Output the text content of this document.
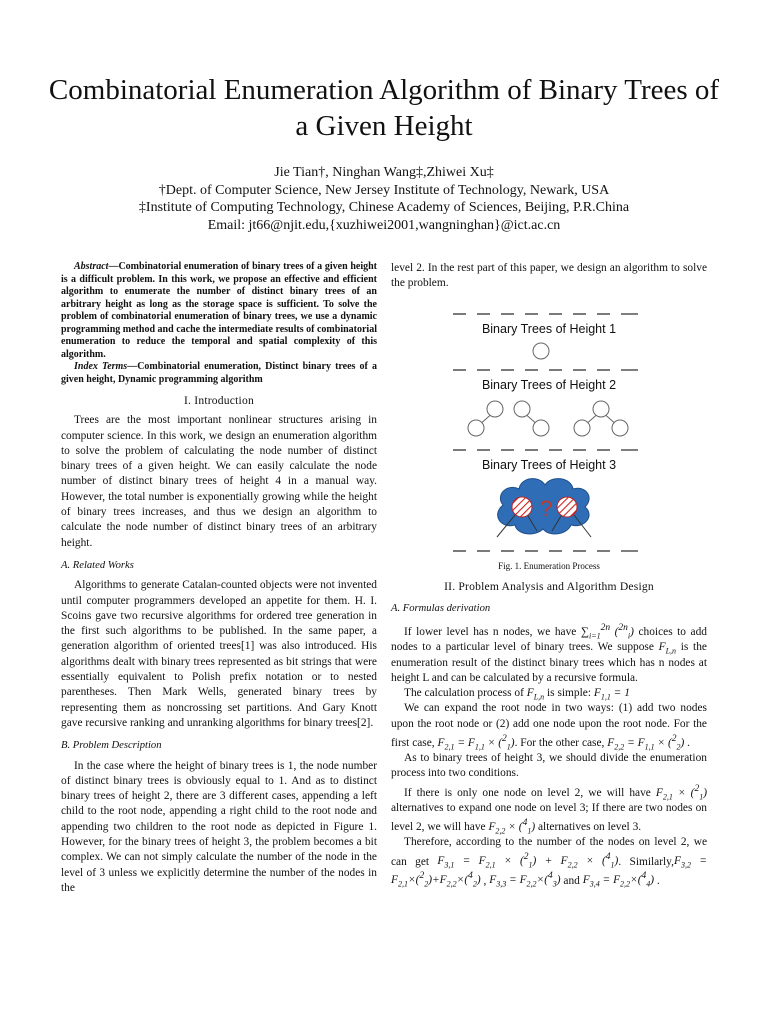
Combinatorial Enumeration Algorithm of Binary Trees of a Given Height
Jie Tian†, Ninghan Wang‡,Zhiwei Xu‡
†Dept. of Computer Science, New Jersey Institute of Technology, Newark, USA
‡Institute of Computing Technology, Chinese Academy of Sciences, Beijing, P.R.China
Email: jt66@njit.edu,{xuzhiwei2001,wangninghan}@ict.ac.cn

Abstract—Combinatorial enumeration of binary trees of a given height is a difficult problem. In this work, we propose an effective and efficient algorithm to enumerate the number of distinct binary trees of an arbitrary height as long as the storage space is sufficient. To solve the problem of combinatorial enumeration of binary trees, we use a dynamic programming method and cache the intermediate results of combinatorial enumeration to reduce the temporal and spatial complexity of this algorithm.

Index Terms—Combinatorial enumeration, Distinct binary trees of a given height, Dynamic programming algorithm

I. Introduction

Trees are the most important nonlinear structures arising in computer science. In this work, we design an enumeration algorithm to solve the problem of calculating the node number of distinct binary trees of a given height. We can easily calculate the node number of distinct binary trees of height 4 in a manual way. However, the total number is exponentially growing while the height of binary trees increases, and thus we design an algorithm to calculate the node number of distinct binary trees of an arbitrary height.

A. Related Works

Algorithms to generate Catalan-counted objects were not invented until computer programmers developed an appetite for them. H. I. Scoins gave two recursive algorithms for ordered tree generation in the first such algorithms to be published. In the same paper, a generation algorithm of oriented trees[1] was also introduced. His algorithms dealt with binary trees represented as bit strings that were essentially equivalent to Polish prefix notation or to nested parentheses. Then Mark Wells, generated binary trees by representing them as noncrossing set partitions. And Gary Knott gave recursive ranking and unranking algorithms for binary trees[2].

B. Problem Description

In the case where the height of binary trees is 1, the node number of distinct binary trees is obviously equal to 1. And as to distinct binary trees of height 2, there are 3 different cases, appending a left child to the root node, appending a right child to the root node and appending two children to the root node as depicted in Figure 1. However, for the binary trees of height 3, the problem becomes a bit complex. We can not simply calculate the number of the node in the level of 3 unless we explicitly determine the number of the nodes in the

level 2. In the rest part of this paper, we design an algorithm to solve the problem.

Binary Trees of Height 1
Binary Trees of Height 2
Binary Trees of Height 3
?
Fig. 1. Enumeration Process
II. Problem Analysis and Algorithm Design
A. Formulas derivation

If lower level has n nodes, we have $\sum_{i=1}^{2n}$ ($^{2n}_i$) choices to add nodes to a particular level of binary trees. We suppose $F_{L,n}$ is the enumeration result of the distinct binary trees which has n nodes at height L and can be calculated by a recursive formula.

The calculation process of $F_{L,n}$ is simple: $F_{1,1} = 1$

We can expand the root node in two ways: (1) add two nodes upon the root node or (2) add one node upon the root node. For the first case, $F_{2,1} = F_{1,1} \times (^2_1)$. For the other case, $F_{2,2} = F_{1,1} \times (^2_2)$ .

As to binary trees of height 3, we should divide the enumeration process into two conditions.

If there is only one node on level 2, we will have $F_{2,1} \times (^2_1)$ alternatives to expand one node on level 3; If there are two nodes on level 2, we will have $F_{2,2} \times (^4_1)$ alternatives on level 3.

Therefore, according to the number of the nodes on level 2, we can get $F_{3,1} = F_{2,1} \times (^2_1) + F_{2,2} \times (^4_1)$. $Similarly,F_{3,2} = F_{2,1}\times(^2_2)+F_{2,2}\times(^4_2)$ , $F_{3,3} = F_{2,2}\times(^4_3)$ and $F_{3,4} = F_{2,2}\times(^4_4)$ .
